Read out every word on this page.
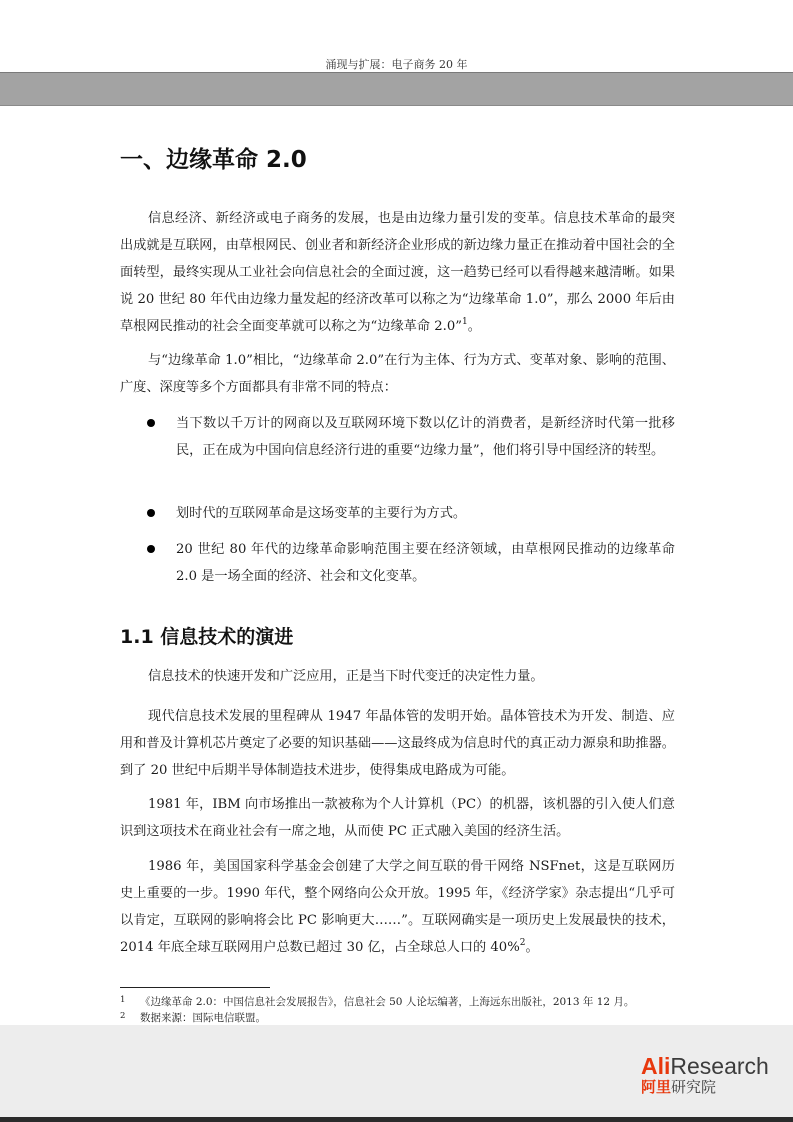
涌现与扩展：电子商务 20 年
一、边缘革命 2.0

信息经济、新经济或电子商务的发展，也是由边缘力量引发的变革。信息技术革命的最突出成就是互联网，由草根网民、创业者和新经济企业形成的新边缘力量正在推动着中国社会的全面转型，最终实现从工业社会向信息社会的全面过渡，这一趋势已经可以看得越来越清晰。如果说 20 世纪 80 年代由边缘力量发起的经济改革可以称之为“边缘革命 1.0”，那么 2000 年后由草根网民推动的社会全面变革就可以称之为“边缘革命 2.0”$^1$。

与“边缘革命 1.0”相比，“边缘革命 2.0”在行为主体、行为方式、变革对象、影响的范围、广度、深度等多个方面都具有非常不同的特点：

当下数以千万计的网商以及互联网环境下数以亿计的消费者，是新经济时代第一批移民，正在成为中国向信息经济行进的重要“边缘力量”，他们将引导中国经济的转型。
划时代的互联网革命是这场变革的主要行为方式。
20 世纪 80 年代的边缘革命影响范围主要在经济领域，由草根网民推动的边缘革命 2.0 是一场全面的经济、社会和文化变革。
1.1 信息技术的演进

信息技术的快速开发和广泛应用，正是当下时代变迁的决定性力量。

现代信息技术发展的里程碑从 1947 年晶体管的发明开始。晶体管技术为开发、制造、应用和普及计算机芯片奠定了必要的知识基础——这最终成为信息时代的真正动力源泉和助推器。到了 20 世纪中后期半导体制造技术进步，使得集成电路成为可能。

1981 年，IBM 向市场推出一款被称为个人计算机（PC）的机器，该机器的引入使人们意识到这项技术在商业社会有一席之地，从而使 PC 正式融入美国的经济生活。

1986 年，美国国家科学基金会创建了大学之间互联的骨干网络 NSFnet，这是互联网历史上重要的一步。1990 年代，整个网络向公众开放。1995 年，《经济学家》杂志提出“几乎可以肯定，互联网的影响将会比 PC 影响更大……”。互联网确实是一项历史上发展最快的技术，2014 年底全球互联网用户总数已超过 30 亿，占全球总人口的 40%$^2$。

1 《边缘革命 2.0：中国信息社会发展报告》，信息社会 50 人论坛编著，上海远东出版社，2013 年 12 月。
2 数据来源：国际电信联盟。
AliResearch
阿里研究院
